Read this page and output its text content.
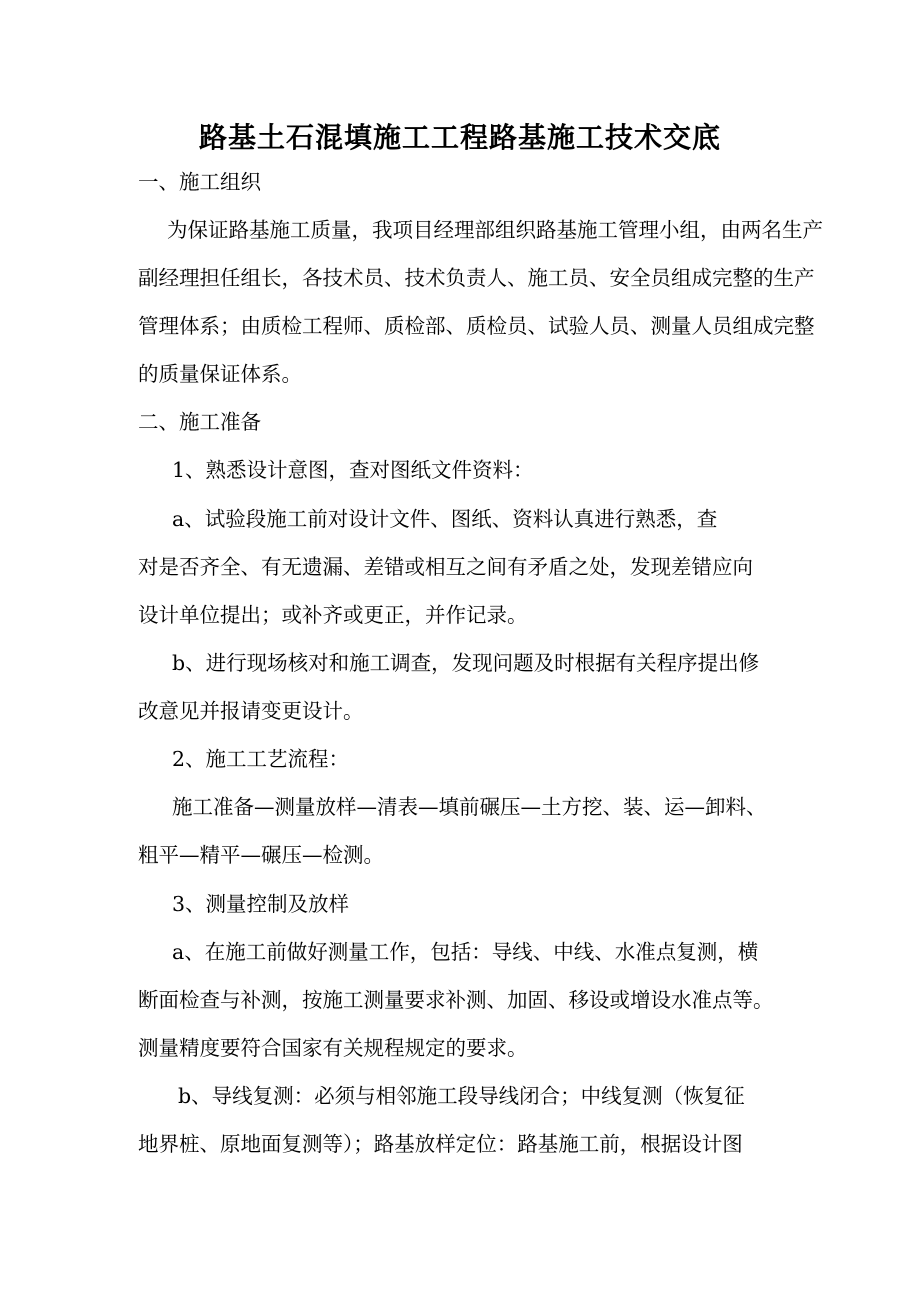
路基土石混填施工工程路基施工技术交底
一、施工组织
为保证路基施工质量，我项目经理部组织路基施工管理小组，由两名生产
副经理担任组长，各技术员、技术负责人、施工员、安全员组成完整的生产
管理体系；由质检工程师、质检部、质检员、试验人员、测量人员组成完整
的质量保证体系。
二、施工准备
1、熟悉设计意图，查对图纸文件资料：
a、试验段施工前对设计文件、图纸、资料认真进行熟悉，查
对是否齐全、有无遗漏、差错或相互之间有矛盾之处，发现差错应向
设计单位提出；或补齐或更正，并作记录。
b、进行现场核对和施工调查，发现问题及时根据有关程序提出修
改意见并报请变更设计。
2、施工工艺流程：
施工准备—测量放样—清表—填前碾压—土方挖、装、运—卸料、
粗平—精平—碾压—检测。
3、测量控制及放样
a、在施工前做好测量工作，包括：导线、中线、水准点复测，横
断面检查与补测，按施工测量要求补测、加固、移设或增设水准点等。
测量精度要符合国家有关规程规定的要求。
b、导线复测：必须与相邻施工段导线闭合；中线复测（恢复征
地界桩、原地面复测等）；路基放样定位：路基施工前，根据设计图
